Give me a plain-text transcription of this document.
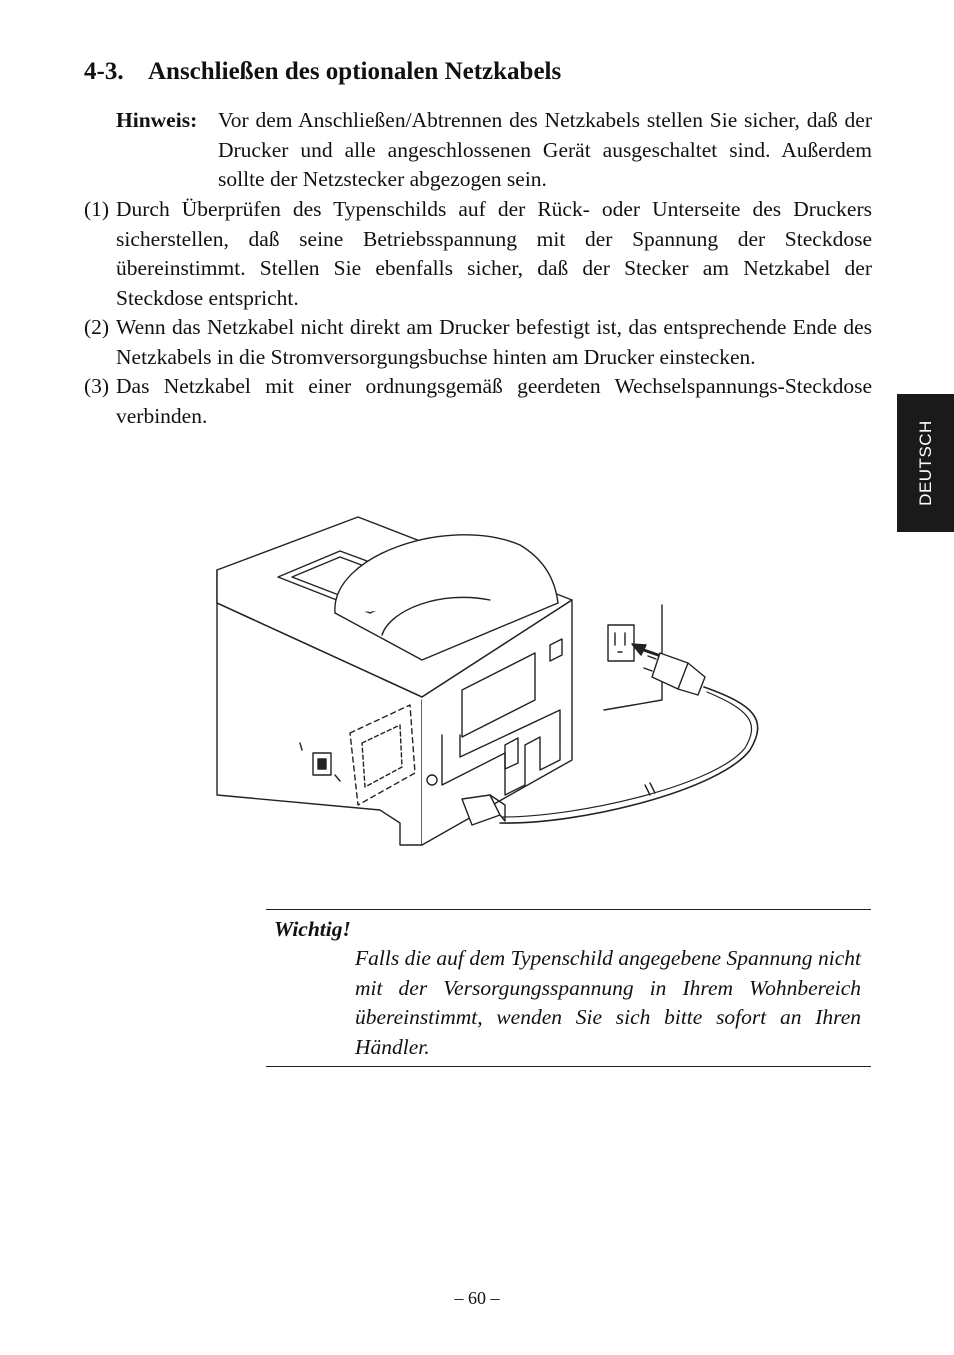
4-3. Anschließen des optionalen Netzkabels
Hinweis: Vor dem Anschließen/Abtrennen des Netzkabels stellen Sie sicher, daß der Drucker und alle angeschlossenen Gerät ausgeschaltet sind. Außerdem sollte der Netzstecker abgezogen sein.
(1) Durch Überprüfen des Typenschilds auf der Rück- oder Unterseite des Druckers sicherstellen, daß seine Betriebsspannung mit der Spannung der Steckdose übereinstimmt. Stellen Sie ebenfalls sicher, daß der Stecker am Netzkabel der Steckdose entspricht.
(2) Wenn das Netzkabel nicht direkt am Drucker befestigt ist, das entsprechende Ende des Netzkabels in die Stromversorgungsbuchse hinten am Drucker einstecken.
(3) Das Netzkabel mit einer ordnungsgemäß geerdeten Wechselspannungs-Steckdose verbinden.
DEUTSCH
Wichtig!
Falls die auf dem Typenschild angegebene Spannung nicht mit der Versorgungsspannung in Ihrem Wohnbereich übereinstimmt, wenden Sie sich bitte sofort an Ihren Händler.
– 60 –
